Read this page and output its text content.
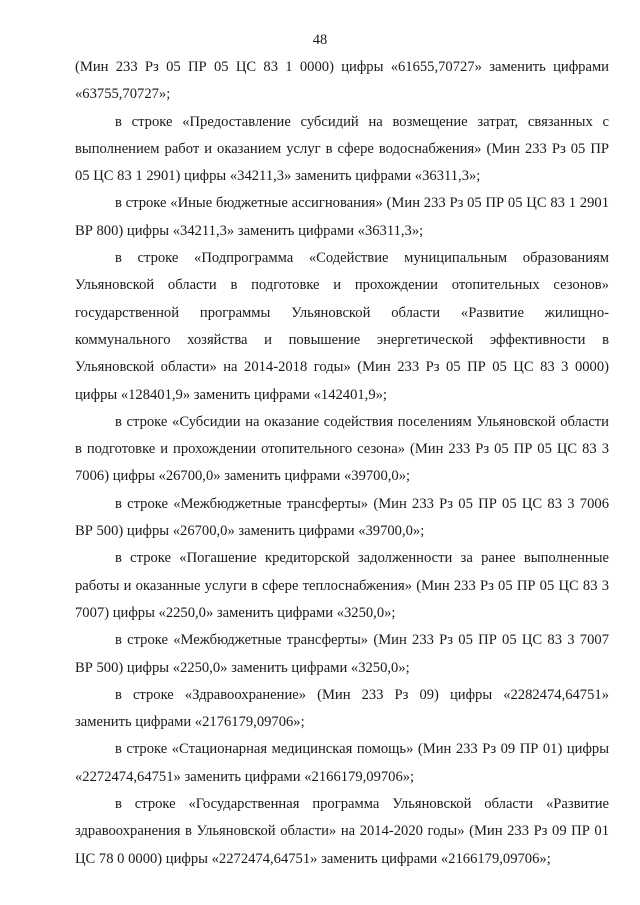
48

(Мин 233 Рз 05 ПР 05 ЦС 83 1 0000) цифры «61655,70727» заменить цифрами «63755,70727»;

в строке «Предоставление субсидий на возмещение затрат, связанных с выполнением работ и оказанием услуг в сфере водоснабжения» (Мин 233 Рз 05 ПР 05 ЦС 83 1 2901) цифры «34211,3» заменить цифрами «36311,3»;

в строке «Иные бюджетные ассигнования» (Мин 233 Рз 05 ПР 05 ЦС 83 1 2901 ВР 800) цифры «34211,3» заменить цифрами «36311,3»;

в строке «Подпрограмма «Содействие муниципальным образованиям Ульяновской области в подготовке и прохождении отопительных сезонов» государственной программы Ульяновской области «Развитие жилищно-коммунального хозяйства и повышение энергетической эффективности в Ульяновской области» на 2014-2018 годы» (Мин 233 Рз 05 ПР 05 ЦС 83 3 0000) цифры «128401,9» заменить цифрами «142401,9»;

в строке «Субсидии на оказание содействия поселениям Ульяновской области в подготовке и прохождении отопительного сезона» (Мин 233 Рз 05 ПР 05 ЦС 83 3 7006) цифры «26700,0» заменить цифрами «39700,0»;

в строке «Межбюджетные трансферты» (Мин 233 Рз 05 ПР 05 ЦС 83 3 7006 ВР 500) цифры «26700,0» заменить цифрами «39700,0»;

в строке «Погашение кредиторской задолженности за ранее выполненные работы и оказанные услуги в сфере теплоснабжения» (Мин 233 Рз 05 ПР 05 ЦС 83 3 7007) цифры «2250,0» заменить цифрами «3250,0»;

в строке «Межбюджетные трансферты» (Мин 233 Рз 05 ПР 05 ЦС 83 3 7007 ВР 500) цифры «2250,0» заменить цифрами «3250,0»;

в строке «Здравоохранение» (Мин 233 Рз 09) цифры «2282474,64751» заменить цифрами «2176179,09706»;

в строке «Стационарная медицинская помощь» (Мин 233 Рз 09 ПР 01) цифры «2272474,64751» заменить цифрами «2166179,09706»;

в строке «Государственная программа Ульяновской области «Развитие здравоохранения в Ульяновской области» на 2014-2020 годы» (Мин 233 Рз 09 ПР 01 ЦС 78 0 0000) цифры «2272474,64751» заменить цифрами «2166179,09706»;
